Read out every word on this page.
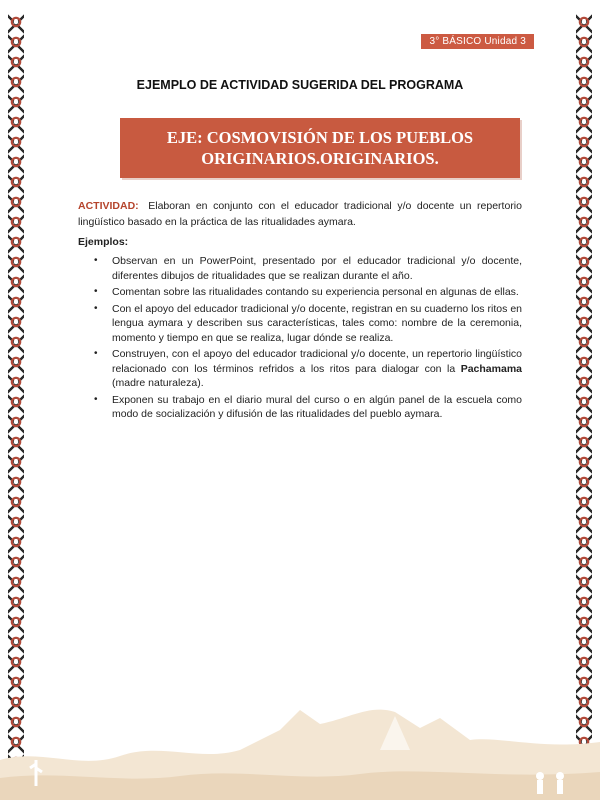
3° BÁSICO Unidad 3
EJEMPLO DE ACTIVIDAD SUGERIDA DEL PROGRAMA
EJE: COSMOVISIÓN DE LOS PUEBLOS
ORIGINARIOS.ORIGINARIOS.
ACTIVIDAD: Elaboran en conjunto con el educador tradicional y/o docente un repertorio lingüístico basado en la práctica de las ritualidades aymara.
Ejemplos:
• Observan en un PowerPoint, presentado por el educador tradicional y/o docente, diferentes dibujos de ritualidades que se realizan durante el año.
• Comentan sobre las ritualidades contando su experiencia personal en algunas de ellas.
• Con el apoyo del educador tradicional y/o docente, registran en su cuaderno los ritos en lengua aymara y describen sus características, tales como: nombre de la ceremonia, momento y tiempo en que se realiza, lugar dónde se realiza.
• Construyen, con el apoyo del educador tradicional y/o docente, un repertorio lingüístico relacionado con los términos refridos a los ritos para dialogar con la Pachamama (madre naturaleza).
• Exponen su trabajo en el diario mural del curso o en algún panel de la escuela como modo de socialización y difusión de las ritualidades del pueblo aymara.
